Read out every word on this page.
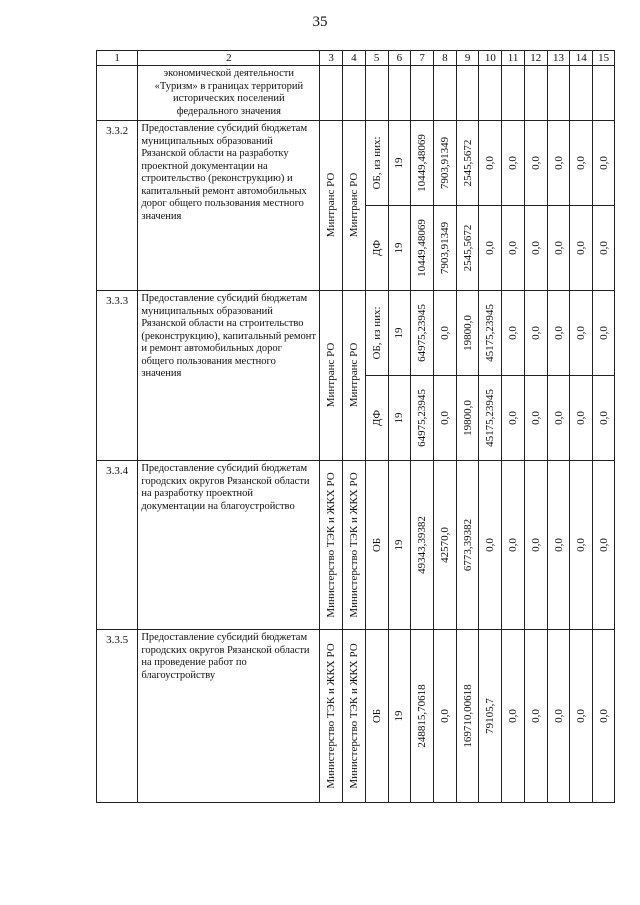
35
1	2	3	4	5	6	7	8	9	10	11	12	13	14	15
	экономической деятельности «Туризм» в границах территорий исторических поселений федерального значения													
3.3.2	Предоставление субсидий бюджетам муниципальных образований Рязанской области на разработку проектной документации на строительство (реконструкцию) и капитальный ремонт автомобильных дорог общего пользования местного значения	Минтранс РО	Минтранс РО	ОБ, из них:	19	10449,48069	7903,91349	2545,5672	0,0	0,0	0,0	0,0	0,0	0,0

				ДФ	19	10449,48069	7903,91349	2545,5672	0,0	0,0	0,0	0,0	0,0	0,0

3.3.3	Предоставление субсидий бюджетам муниципальных образований Рязанской области на строительство (реконструкцию), капитальный ремонт и ремонт автомобильных дорог общего пользования местного значения	Минтранс РО	Минтранс РО	ОБ, из них:	19	64975,23945	0,0	19800,0	45175,23945	0,0	0,0	0,0	0,0	0,0

				ДФ	19	64975,23945	0,0	19800,0	45175,23945	0,0	0,0	0,0	0,0	0,0

3.3.4	Предоставление субсидий бюджетам городских округов Рязанской области на разработку проектной документации на благоустройство	Министерство ТЭК и ЖКХ РО	Министерство ТЭК и ЖКХ РО	ОБ	19	49343,39382	42570,0	6773,39382	0,0	0,0	0,0	0,0	0,0	0,0

3.3.5	Предоставление субсидий бюджетам городских округов Рязанской области на проведение работ по благоустройству	Министерство ТЭК и ЖКХ РО	Министерство ТЭК и ЖКХ РО	ОБ	19	248815,70618	0,0	169710,00618	79105,7	0,0	0,0	0,0	0,0	0,0
